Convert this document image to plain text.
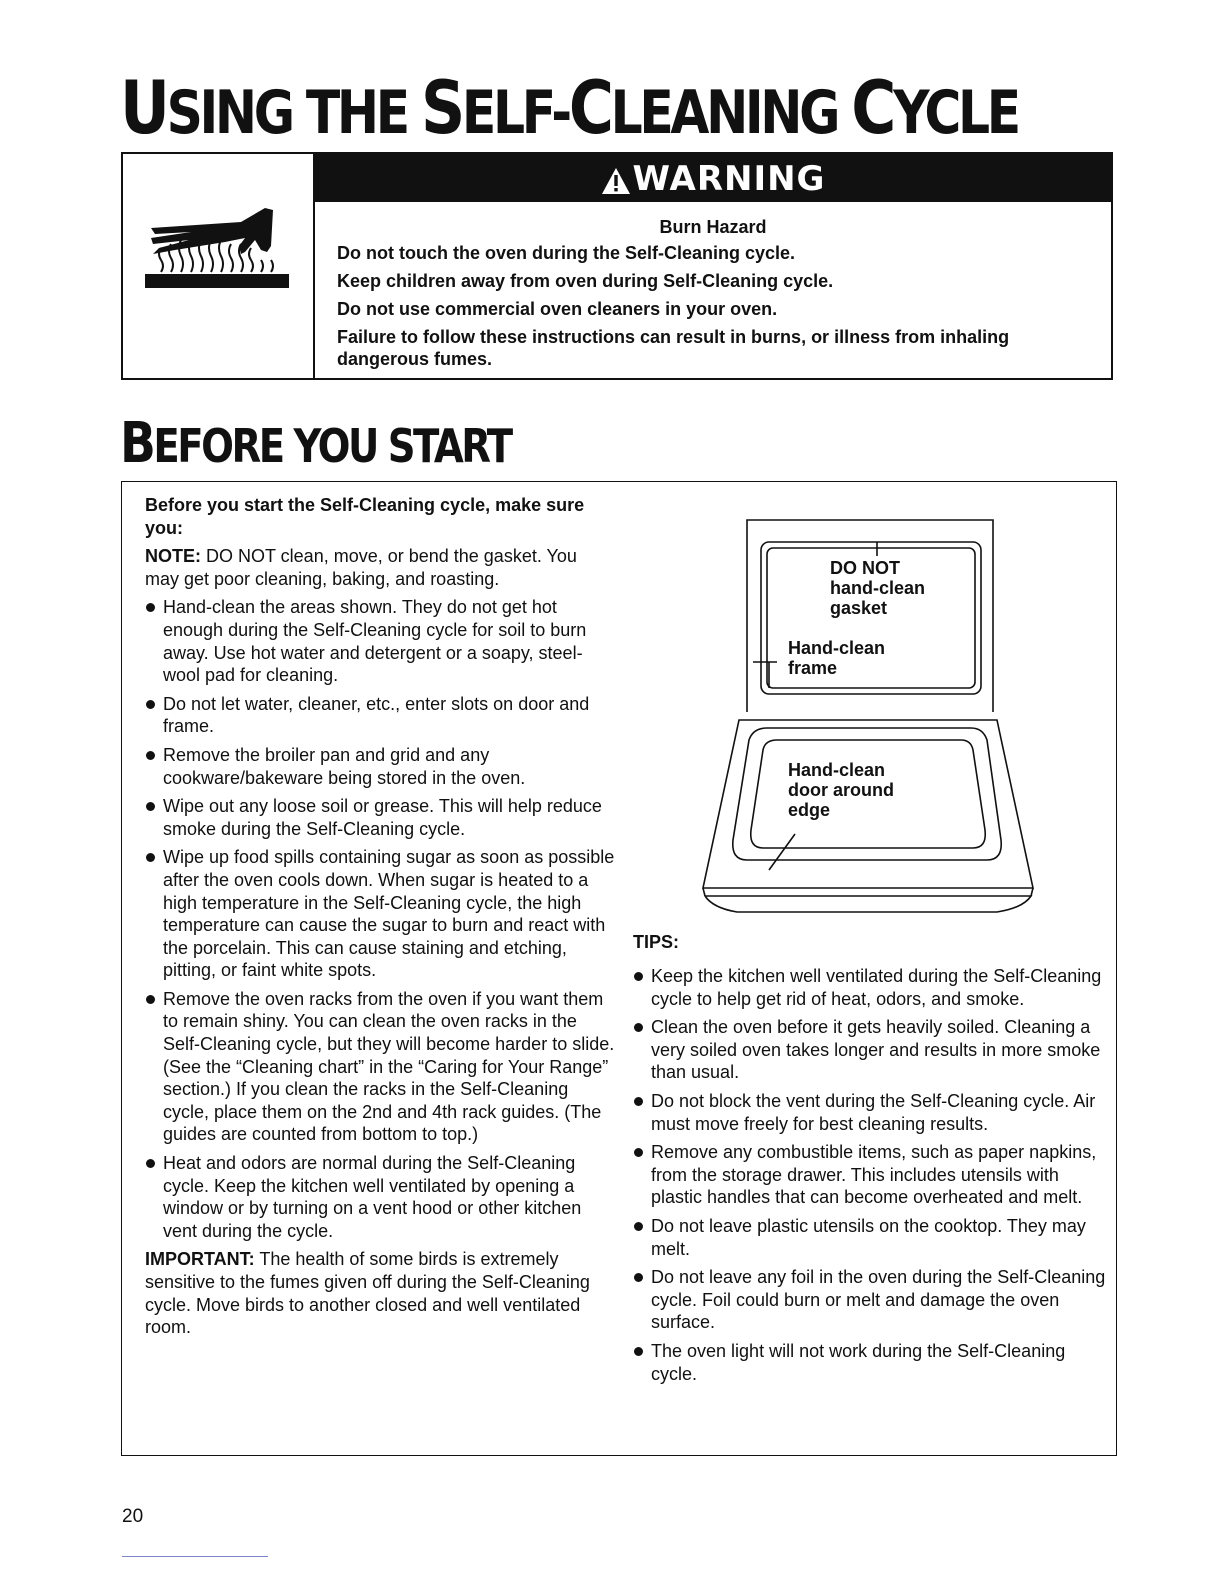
USING THE SELF-CLEANING CYCLE
WARNING
Burn Hazard
Do not touch the oven during the Self-Cleaning cycle.
Keep children away from oven during Self-Cleaning cycle.
Do not use commercial oven cleaners in your oven.
Failure to follow these instructions can result in burns, or illness from inhaling dangerous fumes.
BEFORE YOU START

Before you start the Self-Cleaning cycle, make sure you:

NOTE: DO NOT clean, move, or bend the gasket. You may get poor cleaning, baking, and roasting.

Hand-clean the areas shown. They do not get hot enough during the Self-Cleaning cycle for soil to burn away. Use hot water and detergent or a soapy, steel-wool pad for cleaning.
Do not let water, cleaner, etc., enter slots on door and frame.
Remove the broiler pan and grid and any cookware/bakeware being stored in the oven.
Wipe out any loose soil or grease. This will help reduce smoke during the Self-Cleaning cycle.
Wipe up food spills containing sugar as soon as possible after the oven cools down. When sugar is heated to a high temperature in the Self-Cleaning cycle, the high temperature can cause the sugar to burn and react with the porcelain. This can cause staining and etching, pitting, or faint white spots.
Remove the oven racks from the oven if you want them to remain shiny. You can clean the oven racks in the Self-Cleaning cycle, but they will become harder to slide. (See the “Cleaning chart” in the “Caring for Your Range” section.) If you clean the racks in the Self-Cleaning cycle, place them on the 2nd and 4th rack guides. (The guides are counted from bottom to top.)
Heat and odors are normal during the Self-Cleaning cycle. Keep the kitchen well ventilated by opening a window or by turning on a vent hood or other kitchen vent during the cycle.

IMPORTANT: The health of some birds is extremely sensitive to the fumes given off during the Self-Cleaning cycle. Move birds to another closed and well ventilated room.

DO NOT
hand-clean
gasket
Hand-clean
frame
Hand-clean
door around
edge

TIPS:

Keep the kitchen well ventilated during the Self-Cleaning cycle to help get rid of heat, odors, and smoke.
Clean the oven before it gets heavily soiled. Cleaning a very soiled oven takes longer and results in more smoke than usual.
Do not block the vent during the Self-Cleaning cycle. Air must move freely for best cleaning results.
Remove any combustible items, such as paper napkins, from the storage drawer. This includes utensils with plastic handles that can become overheated and melt.
Do not leave plastic utensils on the cooktop. They may melt.
Do not leave any foil in the oven during the Self-Cleaning cycle. Foil could burn or melt and damage the oven surface.
The oven light will not work during the Self-Cleaning cycle.

20
